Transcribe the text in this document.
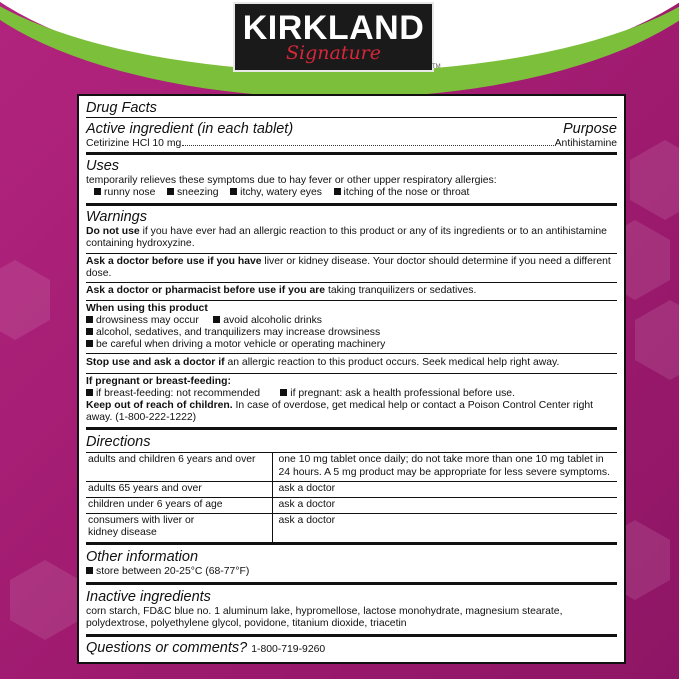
KIRKLAND
Signature
TM
Drug Facts
Active ingredient (in each tablet)	Purpose
Cetirizine HCl 10 mg	Antihistamine
Uses
temporarily relieves these symptoms due to hay fever or other upper respiratory allergies:
runny nose sneezing itchy, watery eyes itching of the nose or throat
Warnings
Do not use if you have ever had an allergic reaction to this product or any of its ingredients or to an antihistamine containing hydroxyzine.
Ask a doctor before use if you have liver or kidney disease. Your doctor should determine if you need a different dose.
Ask a doctor or pharmacist before use if you are taking tranquilizers or sedatives.
When using this product
drowsiness may occur avoid alcoholic drinks
alcohol, sedatives, and tranquilizers may increase drowsiness
be careful when driving a motor vehicle or operating machinery
Stop use and ask a doctor if an allergic reaction to this product occurs. Seek medical help right away.
If pregnant or breast-feeding:
if breast-feeding: not recommended	if pregnant: ask a health professional before use.
Keep out of reach of children. In case of overdose, get medical help or contact a Poison Control Center right away. (1-800-222-1222)
Directions
adults and children 6 years and over	one 10 mg tablet once daily; do not take more than one 10 mg tablet in 24 hours. A 5 mg product may be appropriate for less severe symptoms.
adults 65 years and over	ask a doctor
children under 6 years of age	ask a doctor
consumers with liver or kidney disease	ask a doctor
Other information
store between 20-25°C (68-77°F)
Inactive ingredients
corn starch, FD&C blue no. 1 aluminum lake, hypromellose, lactose monohydrate, magnesium stearate, polydextrose, polyethylene glycol, povidone, titanium dioxide, triacetin
Questions or comments? 1-800-719-9260
